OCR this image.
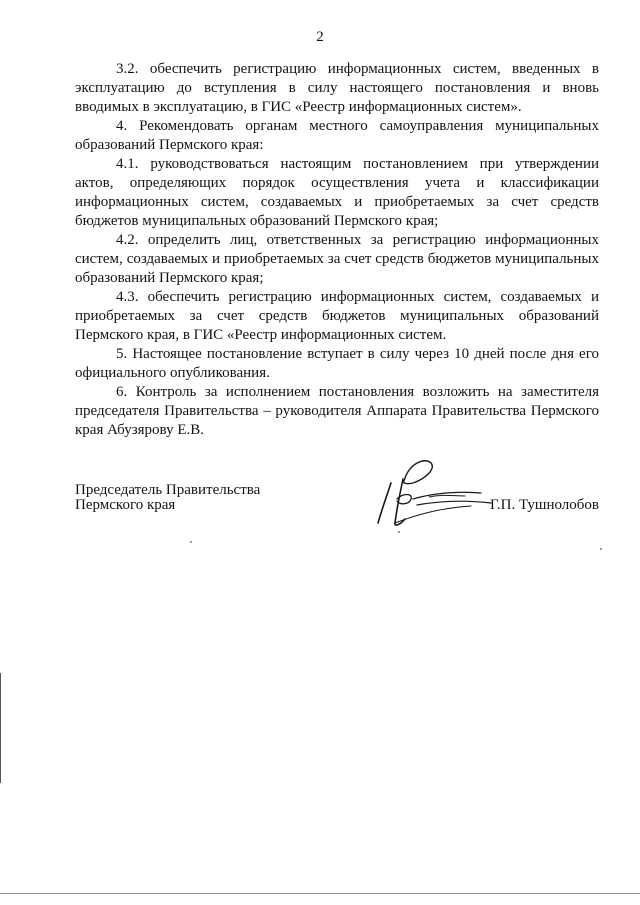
2

3.2. обеспечить регистрацию информационных систем, введенных в эксплуатацию до вступления в силу настоящего постановления и вновь вводимых в эксплуатацию, в ГИС «Реестр информационных систем».

4. Рекомендовать органам местного самоуправления муниципальных образований Пермского края:

4.1. руководствоваться настоящим постановлением при утверждении актов, определяющих порядок осуществления учета и классификации информационных систем, создаваемых и приобретаемых за счет средств бюджетов муниципальных образований Пермского края;

4.2. определить лиц, ответственных за регистрацию информационных систем, создаваемых и приобретаемых за счет средств бюджетов муниципальных образований Пермского края;

4.3. обеспечить регистрацию информационных систем, создаваемых и приобретаемых за счет средств бюджетов муниципальных образований Пермского края, в ГИС «Реестр информационных систем.

5. Настоящее постановление вступает в силу через 10 дней после дня его официального опубликования.

6. Контроль за исполнением постановления возложить на заместителя председателя Правительства – руководителя Аппарата Правительства Пермского края Абузярову Е.В.

Председатель Правительства
Пермского края	Г.П. Тушнолобов
